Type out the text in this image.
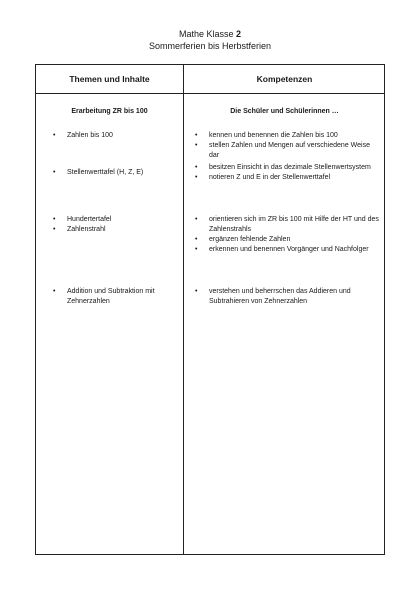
Mathe Klasse 2
Sommerferien bis Herbstferien
Themen und Inhalte	Kompetenzen
Erarbeitung ZR bis 100	Die Schüler und Schülerinnen …
• Zahlen bis 100
•	kennen und benennen die Zahlen bis 100
• stellen Zahlen und Mengen auf verschiedene Weise dar
• Stellenwerttafel (H, Z, E)
• besitzen Einsicht in das dezimale Stellenwertsystem
• notieren Z und E in der Stellenwerttafel
• Hundertertafel
• Zahlenstrahl
• orientieren sich im ZR bis 100 mit Hilfe der HT und des Zahlenstrahls
• ergänzen fehlende Zahlen
• erkennen und benennen Vorgänger und Nachfolger
• Addition und Subtraktion mit Zehnerzahlen
• verstehen und beherrschen das Addieren und Subtrahieren von Zehnerzahlen
